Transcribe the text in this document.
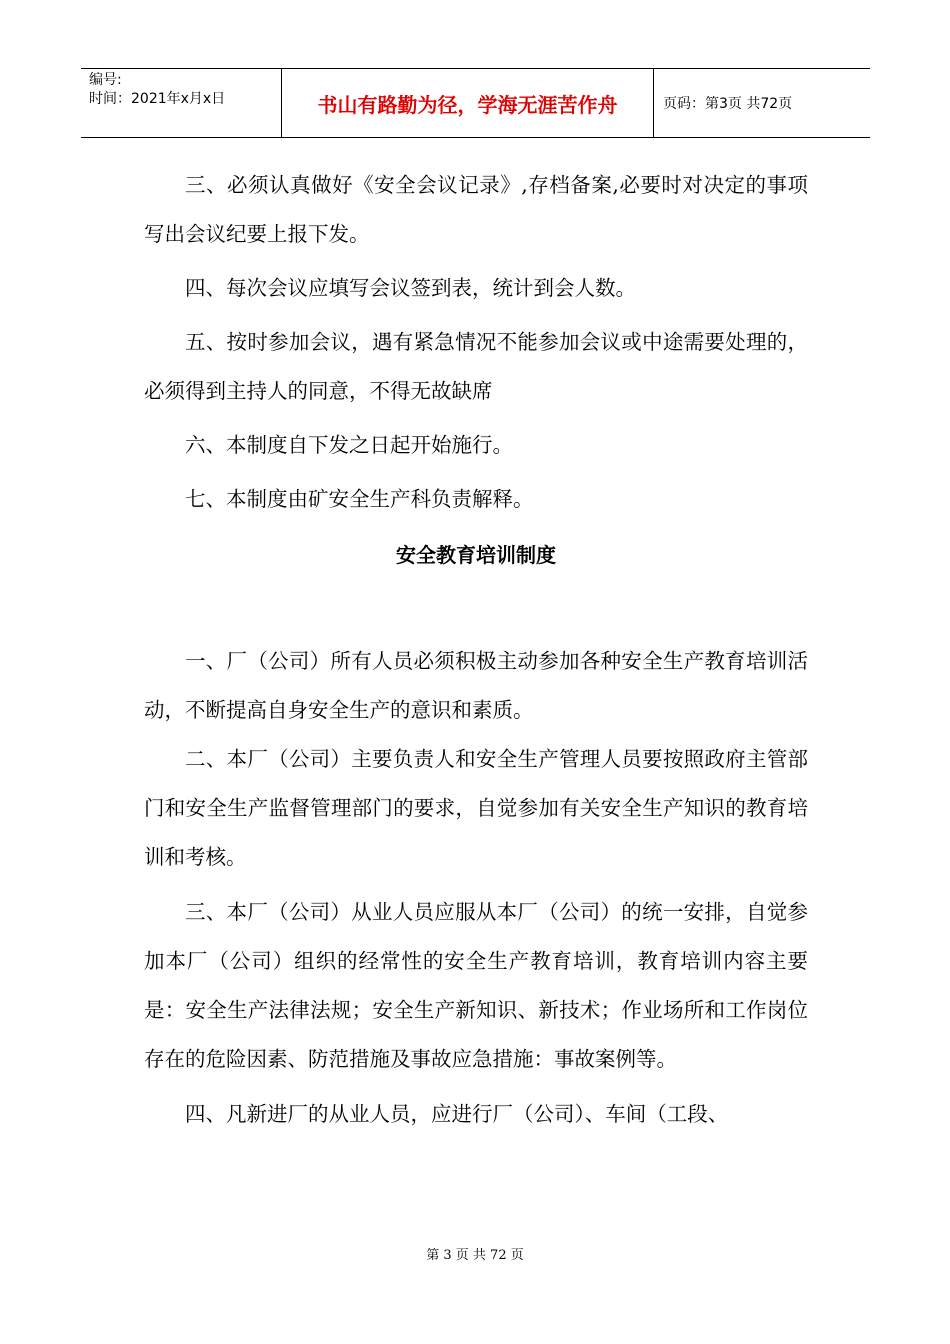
编号:
时间：2021年x月x日	书山有路勤为径，学海无涯苦作舟	页码：第3页 共72页

三、必须认真做好《安全会议记录》,存档备案,必要时对决定的事项写出会议纪要上报下发。

四、每次会议应填写会议签到表，统计到会人数。

五、按时参加会议，遇有紧急情况不能参加会议或中途需要处理的，必须得到主持人的同意，不得无故缺席

六、本制度自下发之日起开始施行。

七、本制度由矿安全生产科负责解释。

安全教育培训制度

一、厂（公司）所有人员必须积极主动参加各种安全生产教育培训活动，不断提高自身安全生产的意识和素质。

二、本厂（公司）主要负责人和安全生产管理人员要按照政府主管部门和安全生产监督管理部门的要求，自觉参加有关安全生产知识的教育培训和考核。

三、本厂（公司）从业人员应服从本厂（公司）的统一安排，自觉参加本厂（公司）组织的经常性的安全生产教育培训，教育培训内容主要是：安全生产法律法规；安全生产新知识、新技术；作业场所和工作岗位存在的危险因素、防范措施及事故应急措施：事故案例等。

四、凡新进厂的从业人员，应进行厂（公司）、车间（工段、

第 3 页 共 72 页
